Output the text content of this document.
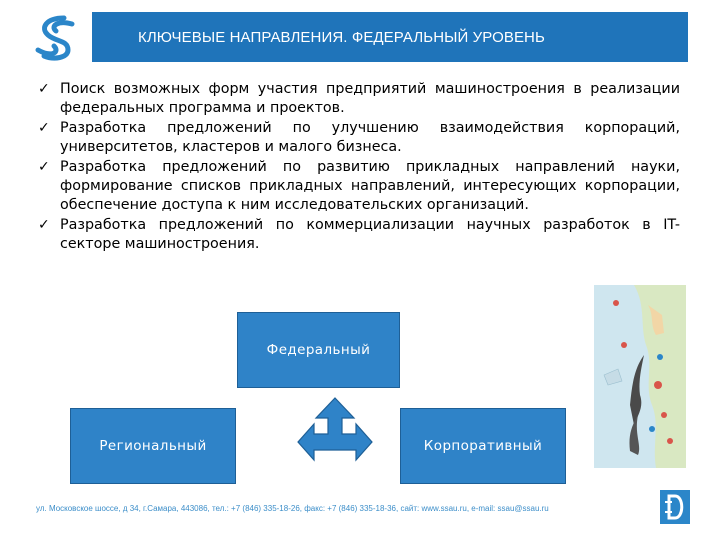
КЛЮЧЕВЫЕ НАПРАВЛЕНИЯ. ФЕДЕРАЛЬНЫЙ УРОВЕНЬ
✓ Поиск возможных форм участия предприятий машиностроения в реализации федеральных программа и проектов.
✓ Разработка предложений по улучшению взаимодействия корпораций, университетов, кластеров и малого бизнеса.
✓ Разработка предложений по развитию прикладных направлений науки, формирование списков прикладных направлений, интересующих корпорации, обеспечение доступа к ним исследовательских организаций.
✓ Разработка предложений по коммерциализации научных разработок в IT-секторе машиностроения.
Федеральный
Региональный	Корпоративный
ул. Московское шоссе, д 34, г.Самара, 443086, тел.: +7 (846) 335-18-26, факс: +7 (846) 335-18-36, сайт: www.ssau.ru, e-mail: ssau@ssau.ru
